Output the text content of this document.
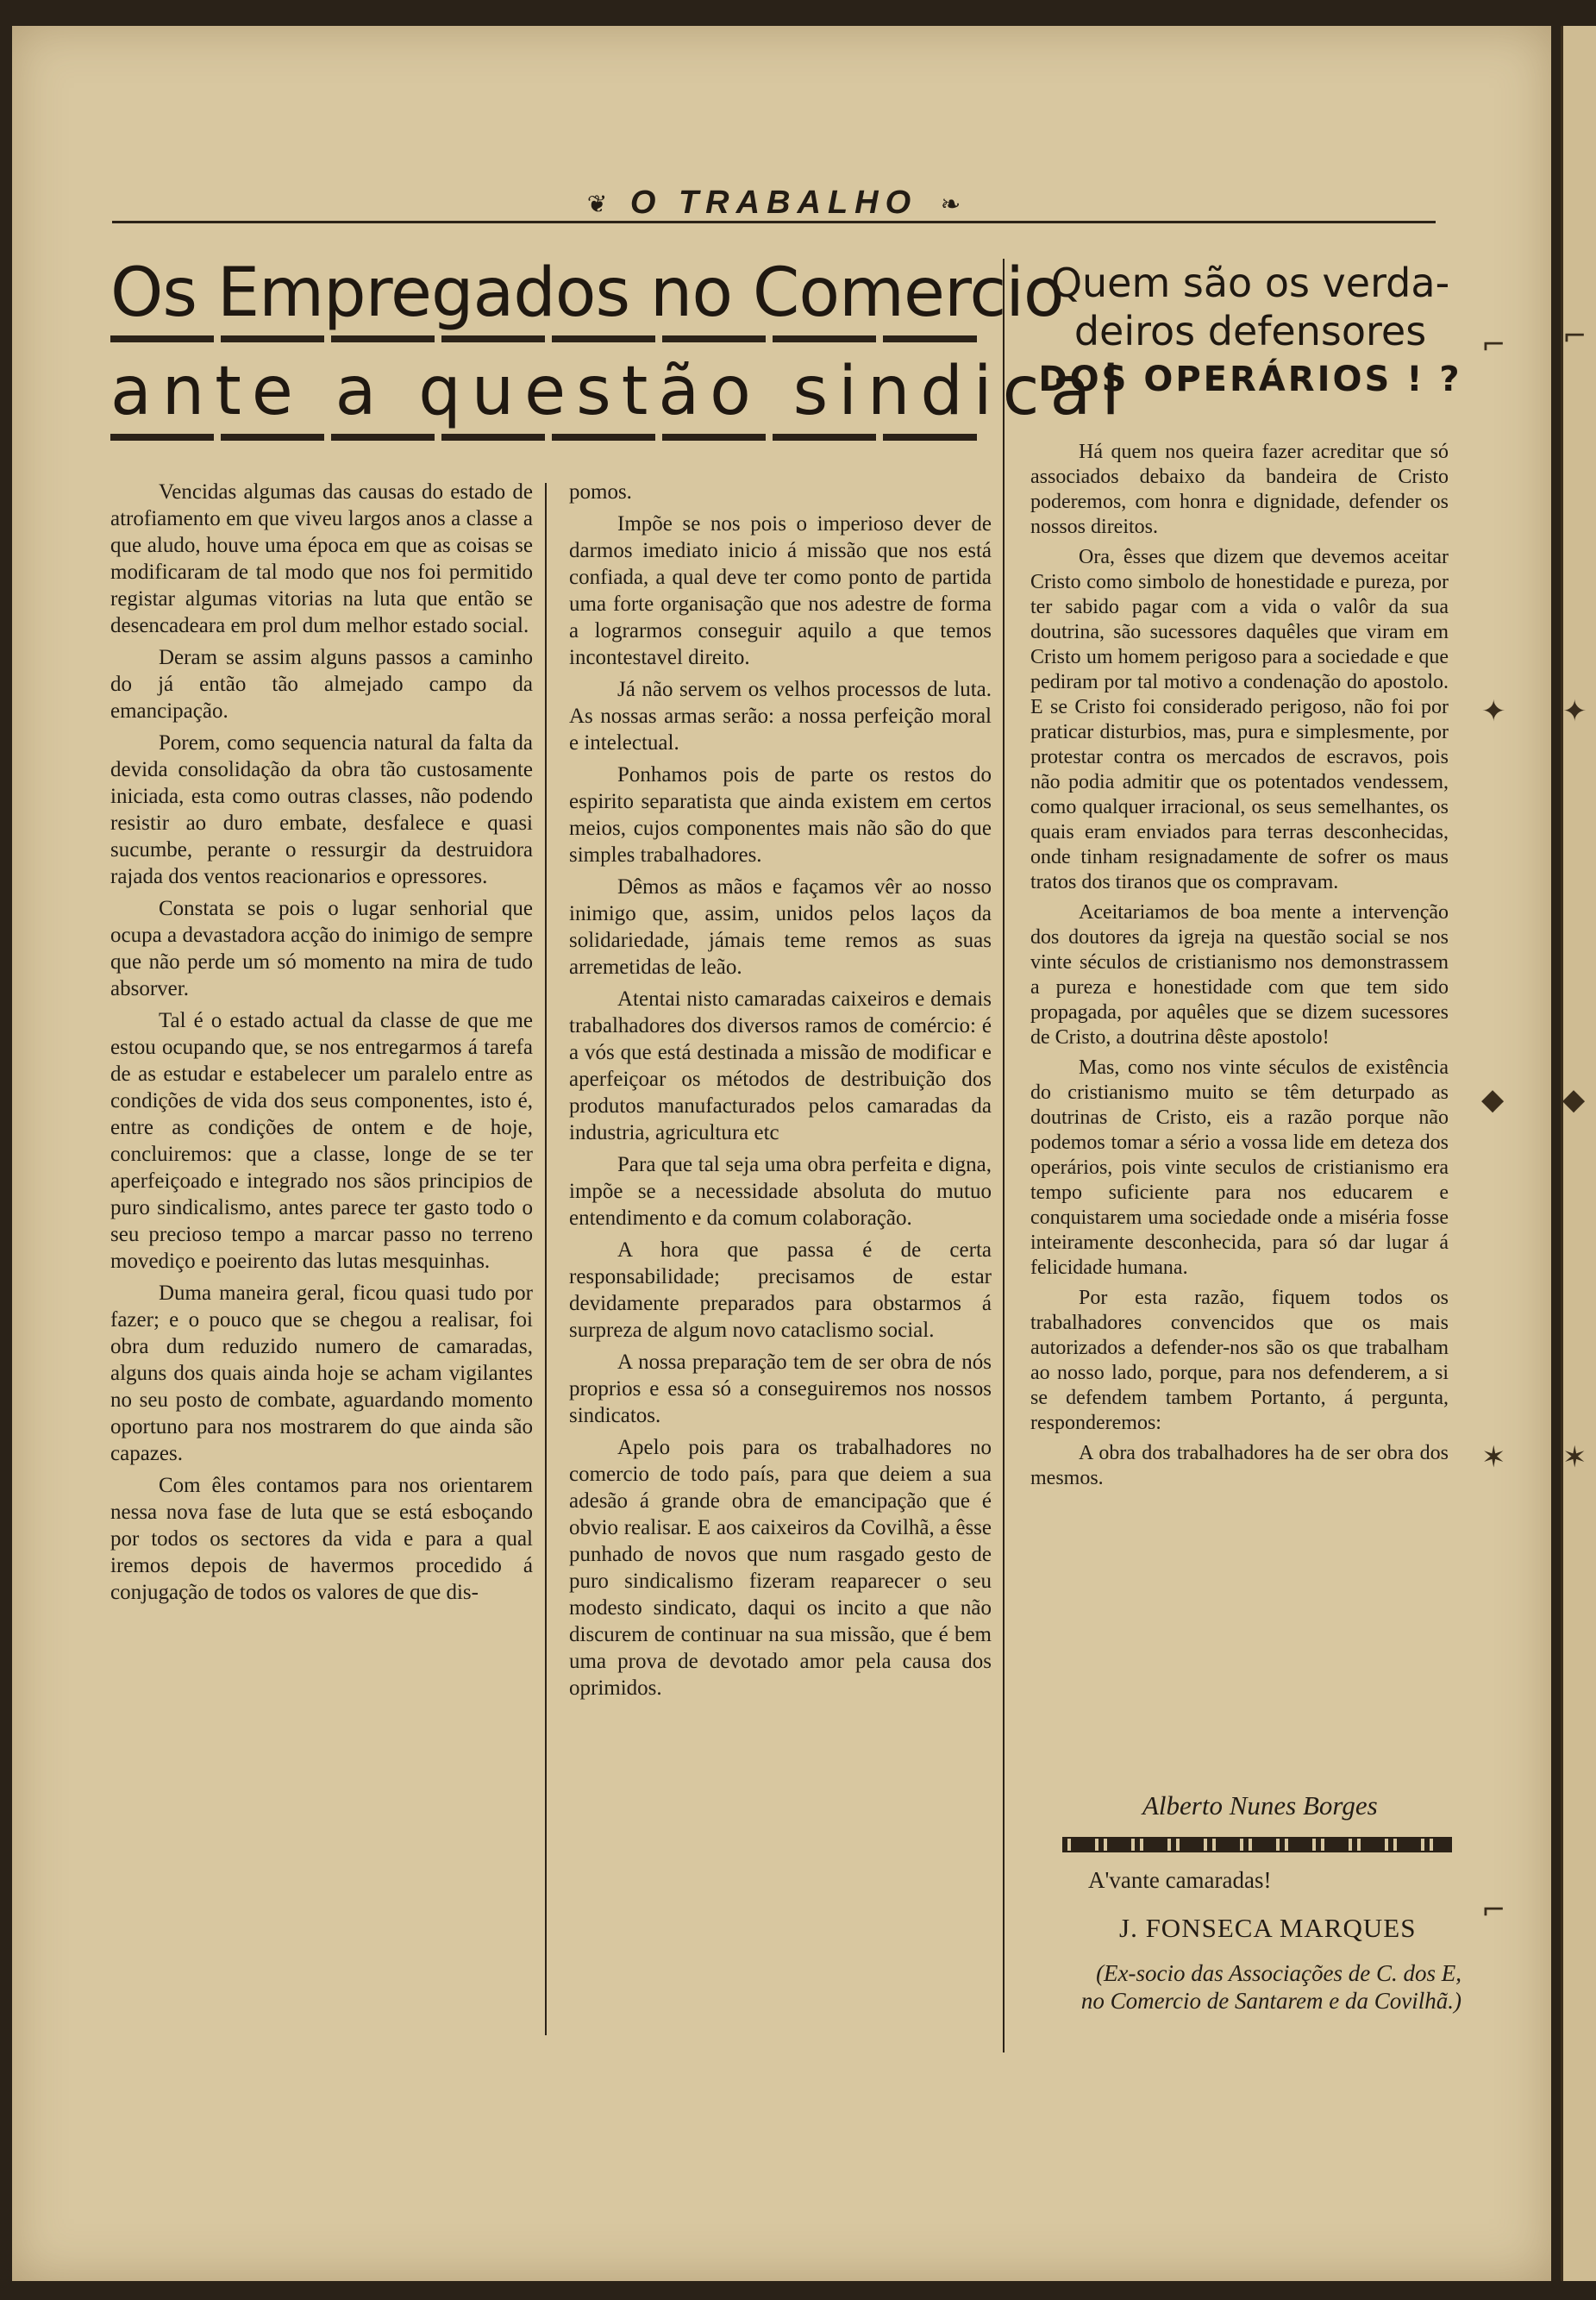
⌐
✦
◆
✶
⌐
✦
◆
✶
⌐
❦ O TRABALHO ❧
Os Empregados no Comercio
ante a questão sindical

Vencidas algumas das causas do estado de atrofiamento em que viveu largos anos a classe a que aludo, houve uma época em que as coisas se modificaram de tal modo que nos foi permitido registar algumas vitorias na luta que então se desencadeara em prol dum melhor estado social.

Deram se assim alguns passos a caminho do já então tão almejado campo da emancipação.

Porem, como sequencia natural da falta da devida consolidação da obra tão custosamente iniciada, esta como outras classes, não podendo resistir ao duro embate, desfalece e quasi sucumbe, perante o ressurgir da destruidora rajada dos ventos reacionarios e opressores.

Constata se pois o lugar senhorial que ocupa a devastadora acção do inimigo de sempre que não perde um só momento na mira de tudo absorver.

Tal é o estado actual da classe de que me estou ocupando que, se nos entregarmos á tarefa de as estudar e estabelecer um paralelo entre as condições de vida dos seus componentes, isto é, entre as condições de ontem e de hoje, concluiremos: que a classe, longe de se ter aperfeiçoado e integrado nos sãos principios de puro sindicalismo, antes parece ter gasto todo o seu precioso tempo a marcar passo no terreno movediço e poeirento das lutas mesquinhas.

Duma maneira geral, ficou quasi tudo por fazer; e o pouco que se chegou a realisar, foi obra dum reduzido numero de camaradas, alguns dos quais ainda hoje se acham vigilantes no seu posto de combate, aguardando momento oportuno para nos mostrarem do que ainda são capazes.

Com êles contamos para nos orientarem nessa nova fase de luta que se está esboçando por todos os sectores da vida e para a qual iremos depois de havermos procedido á conjugação de todos os valores de que dis-

pomos.

Impõe se nos pois o imperioso dever de darmos imediato inicio á missão que nos está confiada, a qual deve ter como ponto de partida uma forte organisação que nos adestre de forma a lograrmos conseguir aquilo a que temos incontestavel direito.

Já não servem os velhos processos de luta. As nossas armas serão: a nossa perfeição moral e intelectual.

Ponhamos pois de parte os restos do espirito separatista que ainda existem em certos meios, cujos componentes mais não são do que simples trabalhadores.

Dêmos as mãos e façamos vêr ao nosso inimigo que, assim, unidos pelos laços da solidariedade, jámais teme remos as suas arremetidas de leão.

Atentai nisto camaradas caixeiros e demais trabalhadores dos diversos ramos de comércio: é a vós que está destinada a missão de modificar e aperfeiçoar os métodos de destribuição dos produtos manufacturados pelos camaradas da industria, agricultura etc

Para que tal seja uma obra perfeita e digna, impõe se a necessidade absoluta do mutuo entendimento e da comum colaboração.

A hora que passa é de certa responsabilidade; precisamos de estar devidamente preparados para obstarmos á surpreza de algum novo cataclismo social.

A nossa preparação tem de ser obra de nós proprios e essa só a conseguiremos nos nossos sindicatos.

Apelo pois para os trabalhadores no comercio de todo país, para que deiem a sua adesão á grande obra de emancipação que é obvio realisar. E aos caixeiros da Covilhã, a êsse punhado de novos que num rasgado gesto de puro sindicalismo fizeram reaparecer o seu modesto sindicato, daqui os incito a que não discurem de continuar na sua missão, que é bem uma prova de devotado amor pela causa dos oprimidos.

Quem são os verda-
deiros defensores
DOS OPERÁRIOS ! ?

Há quem nos queira fazer acreditar que só associados debaixo da bandeira de Cristo poderemos, com honra e dignidade, defender os nossos direitos.

Ora, êsses que dizem que devemos aceitar Cristo como simbolo de honestidade e pureza, por ter sabido pagar com a vida o valôr da sua doutrina, são sucessores daquêles que viram em Cristo um homem perigoso para a sociedade e que pediram por tal motivo a condenação do apostolo. E se Cristo foi considerado perigoso, não foi por praticar disturbios, mas, pura e simplesmente, por protestar contra os mercados de escravos, pois não podia admitir que os potentados vendessem, como qualquer irracional, os seus semelhantes, os quais eram enviados para terras desconhecidas, onde tinham resignadamente de sofrer os maus tratos dos tiranos que os compravam.

Aceitariamos de boa mente a intervenção dos doutores da igreja na questão social se nos vinte séculos de cristianismo nos demonstrassem a pureza e honestidade com que tem sido propagada, por aquêles que se dizem sucessores de Cristo, a doutrina dêste apostolo!

Mas, como nos vinte séculos de existência do cristianismo muito se têm deturpado as doutrinas de Cristo, eis a razão porque não podemos tomar a sério a vossa lide em deteza dos operários, pois vinte seculos de cristianismo era tempo suficiente para nos educarem e conquistarem uma sociedade onde a miséria fosse inteiramente desconhecida, para só dar lugar á felicidade humana.

Por esta razão, fiquem todos os trabalhadores convencidos que os mais autorizados a defender-nos são os que trabalham ao nosso lado, porque, para nos defenderem, a si se defendem tambem Portanto, á pergunta, responderemos:

A obra dos trabalhadores ha de ser obra dos mesmos.

Alberto Nunes Borges
A'vante camaradas!
J. FONSECA MARQUES
(Ex-socio das Associações de C. dos E, no Comercio de Santarem e da Covilhã.)
